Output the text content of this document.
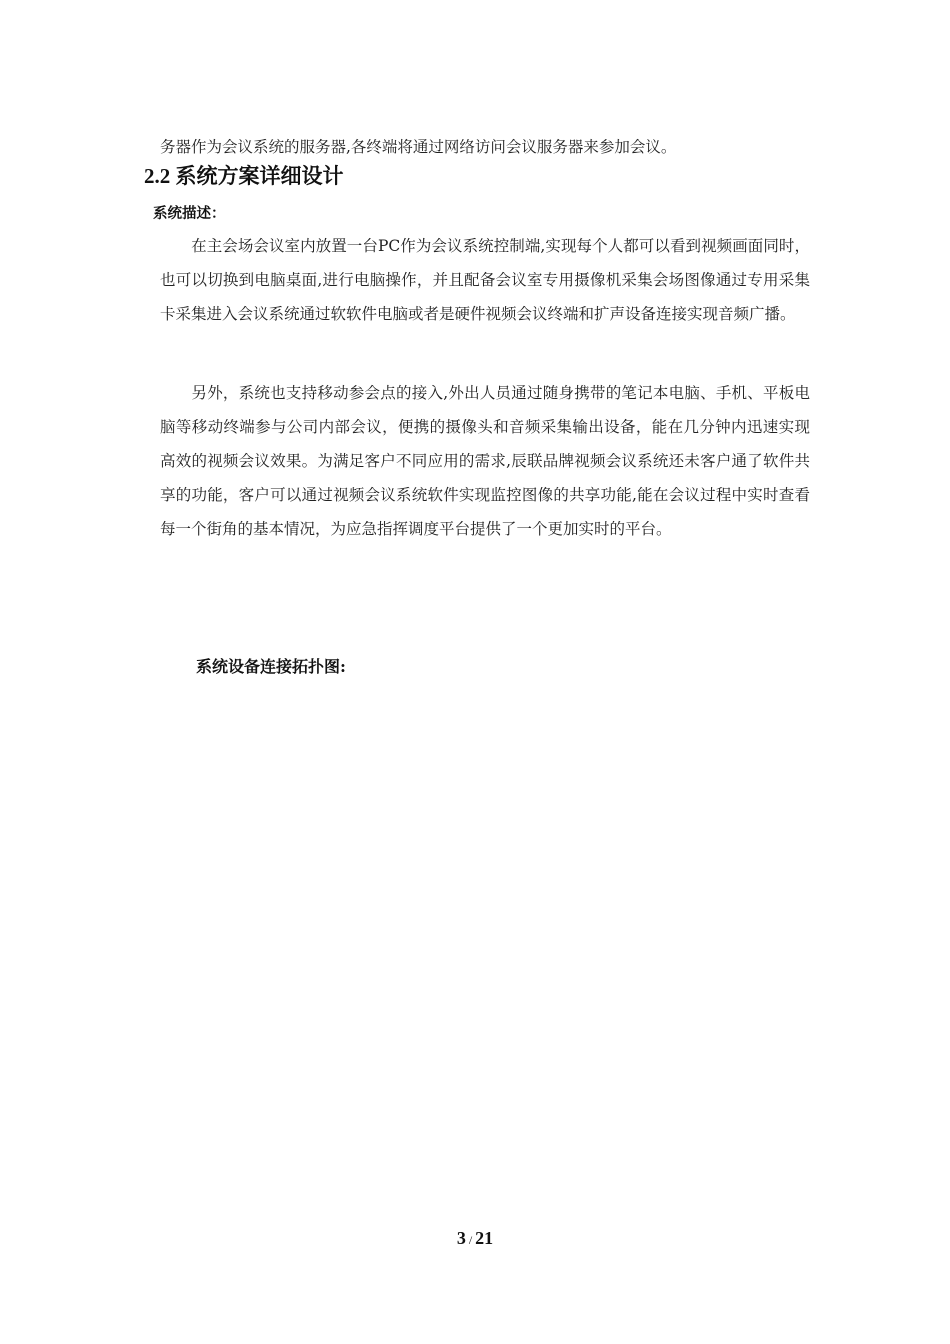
务器作为会议系统的服务器,各终端将通过网络访问会议服务器来参加会议。
2.2 系统方案详细设计
系统描述：
　　在主会场会议室内放置一台PC作为会议系统控制端,实现每个人都可以看到视频画面同时，也可以切换到电脑桌面,进行电脑操作，并且配备会议室专用摄像机采集会场图像通过专用采集卡采集进入会议系统通过软软件电脑或者是硬件视频会议终端和扩声设备连接实现音频广播。
　　另外，系统也支持移动参会点的接入,外出人员通过随身携带的笔记本电脑、手机、平板电脑等移动终端参与公司内部会议，便携的摄像头和音频采集输出设备，能在几分钟内迅速实现高效的视频会议效果。为满足客户不同应用的需求,辰联品牌视频会议系统还未客户通了软件共享的功能，客户可以通过视频会议系统软件实现监控图像的共享功能,能在会议过程中实时查看每一个街角的基本情况，为应急指挥调度平台提供了一个更加实时的平台。
系统设备连接拓扑图:
3 / 21
